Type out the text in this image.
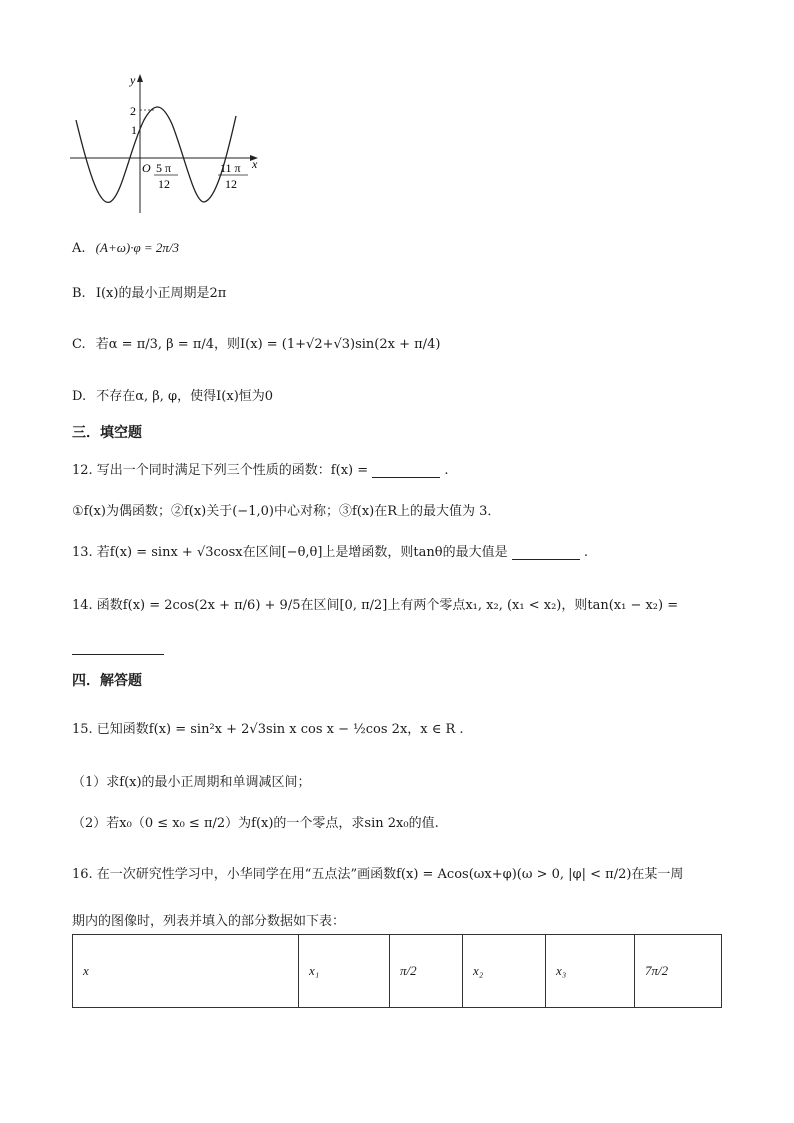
y
x
2
1
O 5 π
12
11 π
12
A. (A+ω)·φ = 2π/3
B. I(x)的最小正周期是2π
C. 若α = π/3, β = π/4，则I(x) = (1+√2+√3)sin(2x + π/4)
D. 不存在α, β, φ，使得I(x)恒为0
三．填空题
12. 写出一个同时满足下列三个性质的函数：f(x) =	.
①f(x)为偶函数；②f(x)关于(−1,0)中心对称；③f(x)在R上的最大值为 3．
13. 若f(x) = sinx + √3cosx在区间[−θ,θ]上是增函数，则tanθ的最大值是	.
14. 函数f(x) = 2cos(2x + π/6) + 9/5在区间[0, π/2]上有两个零点x₁, x₂, (x₁ < x₂)，则tan(x₁ − x₂) =
四．解答题
15. 已知函数f(x) = sin²x + 2√3sin x cos x − ½cos 2x，x ∈ R .
（1）求f(x)的最小正周期和单调减区间；
（2）若x₀（0 ≤ x₀ ≤ π/2）为f(x)的一个零点，求sin 2x₀的值.
16. 在一次研究性学习中，小华同学在用“五点法”画函数f(x) = Acos(ωx+φ)(ω > 0, |φ| < π/2)在某一周
期内的图像时，列表并填入的部分数据如下表：
x	x₁	π/2	x₂	x₃	7π/2
